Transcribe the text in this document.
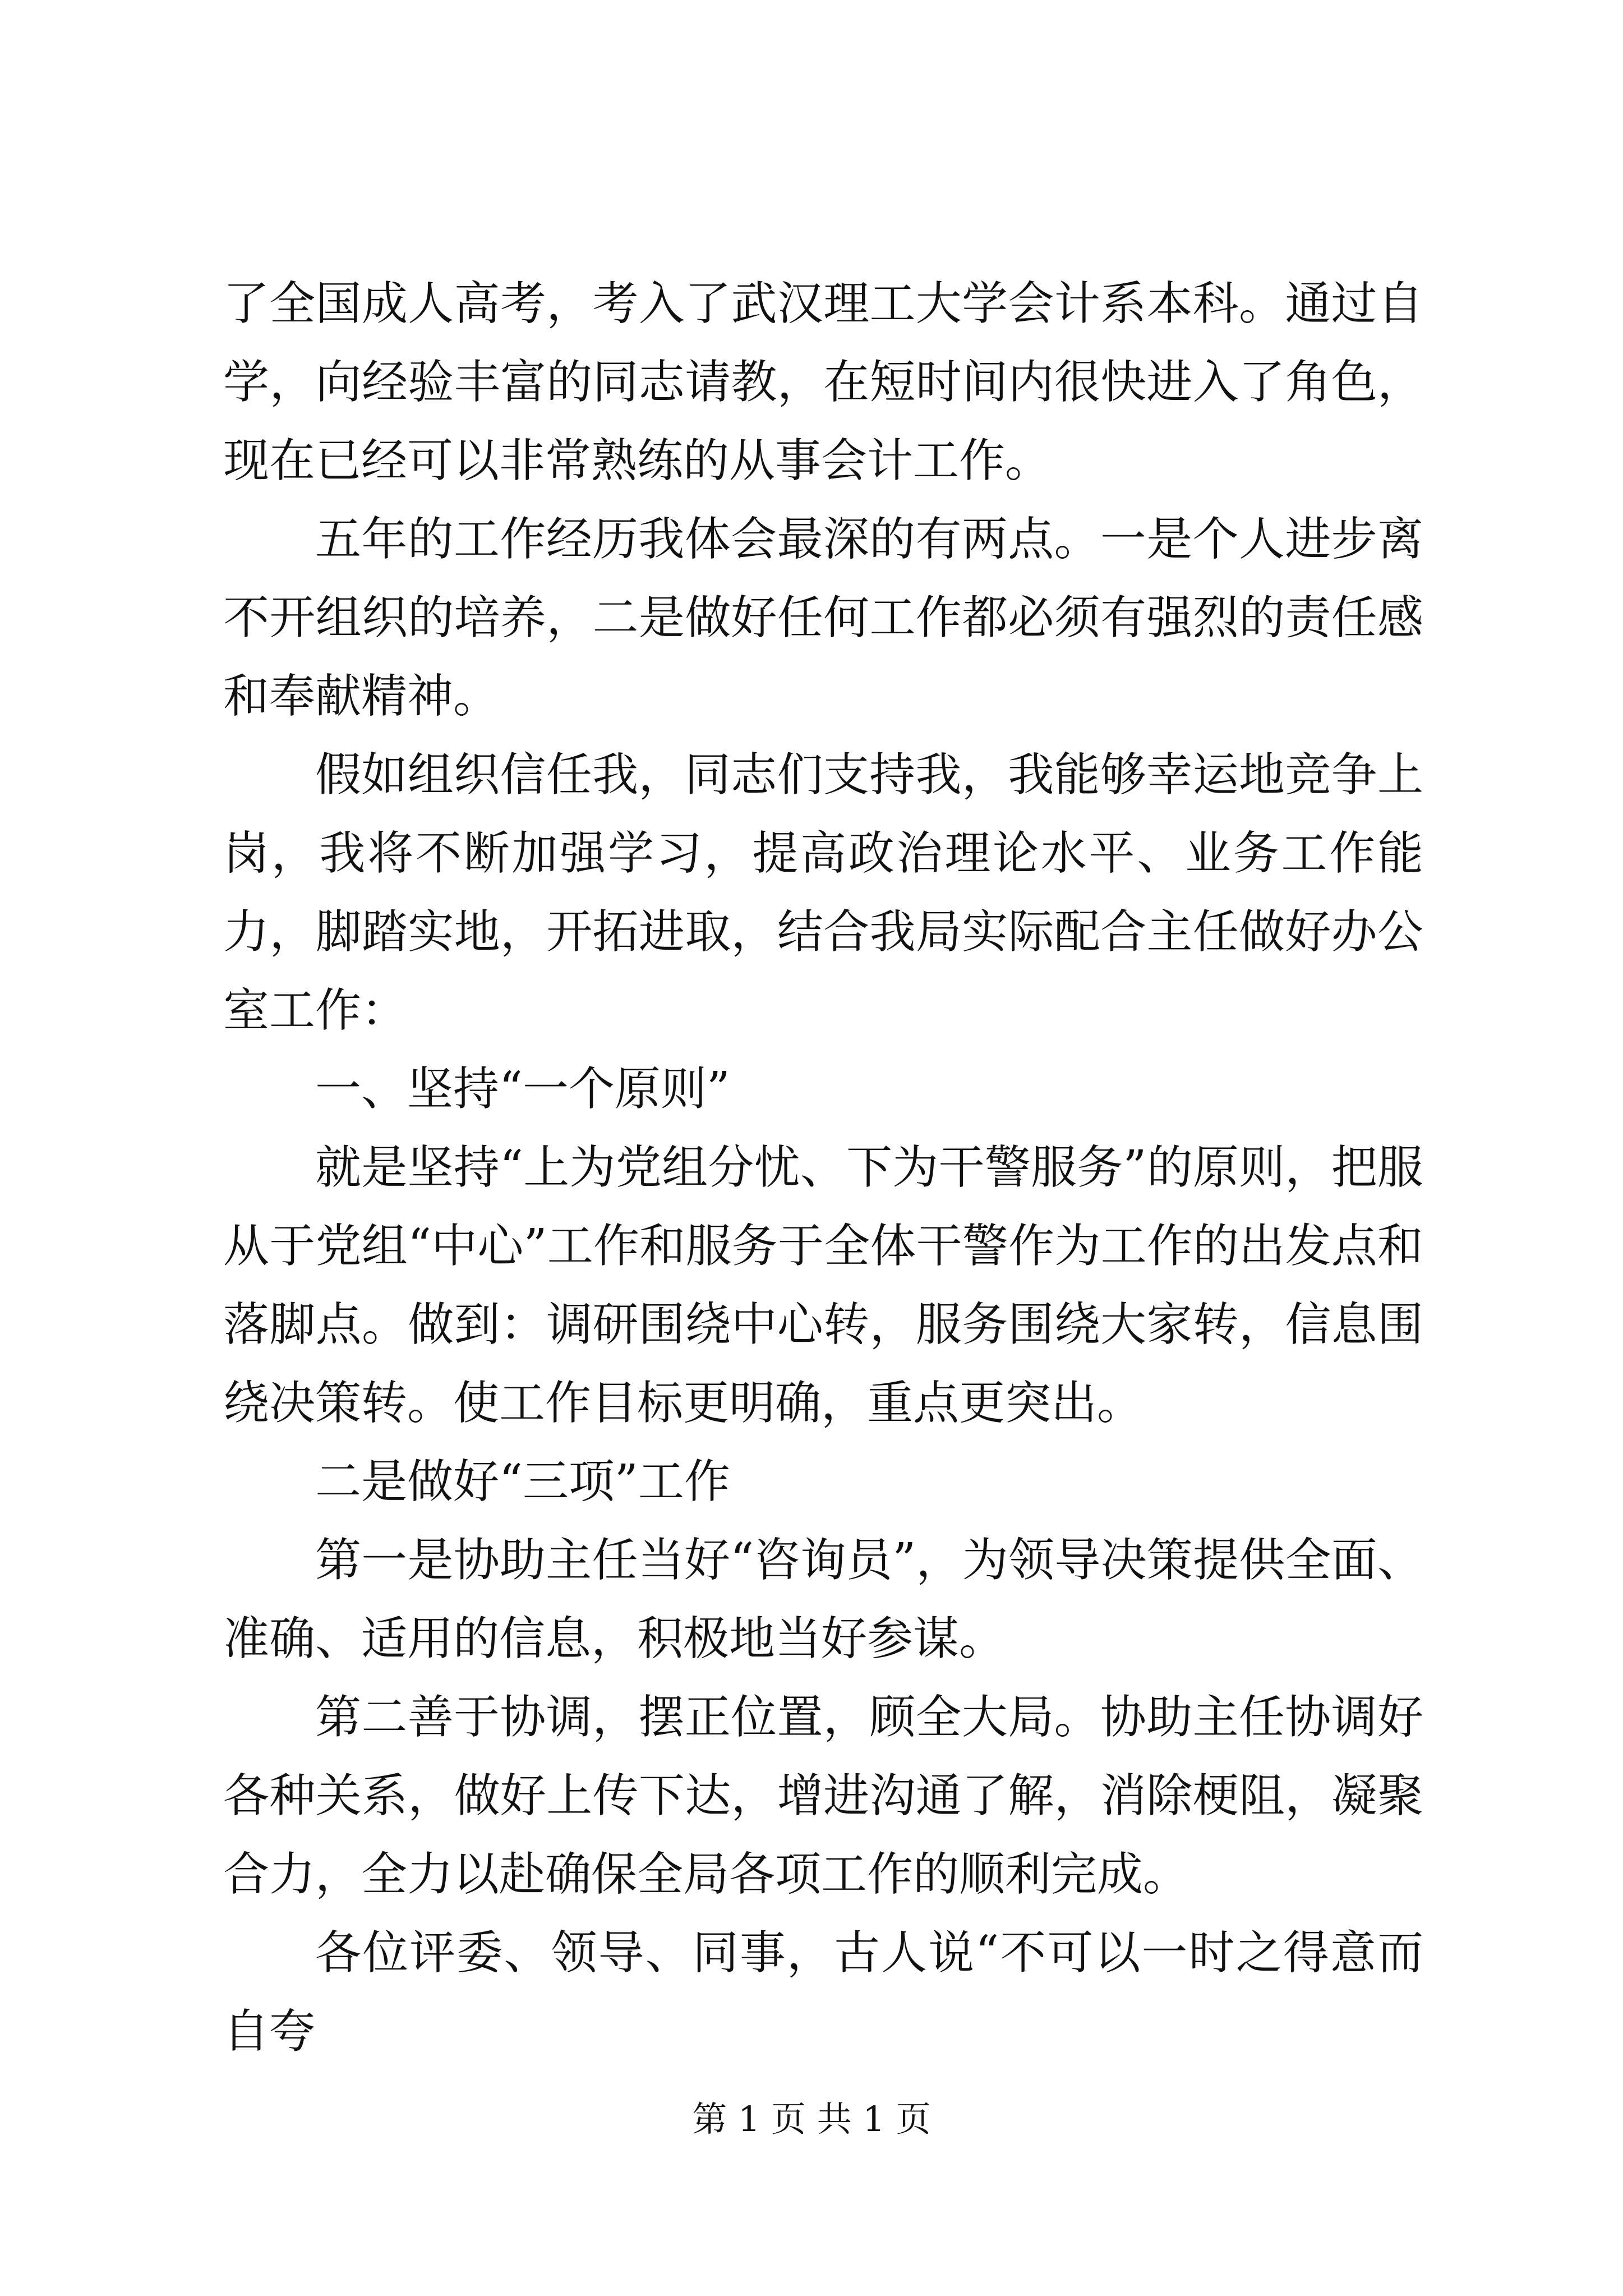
了全国成人高考，考入了武汉理工大学会计系本科。通过自学，向经验丰富的同志请教，在短时间内很快进入了角色，现在已经可以非常熟练的从事会计工作。

五年的工作经历我体会最深的有两点。一是个人进步离不开组织的培养，二是做好任何工作都必须有强烈的责任感和奉献精神。

假如组织信任我，同志们支持我，我能够幸运地竞争上岗，我将不断加强学习，提高政治理论水平、业务工作能力，脚踏实地，开拓进取，结合我局实际配合主任做好办公室工作：

一、坚持“一个原则”

就是坚持“上为党组分忧、下为干警服务”的原则，把服从于党组“中心”工作和服务于全体干警作为工作的出发点和落脚点。做到：调研围绕中心转，服务围绕大家转，信息围绕决策转。使工作目标更明确，重点更突出。

二是做好“三项”工作

第一是协助主任当好“咨询员”，为领导决策提供全面、准确、适用的信息，积极地当好参谋。

第二善于协调，摆正位置，顾全大局。协助主任协调好各种关系，做好上传下达，增进沟通了解，消除梗阻，凝聚合力，全力以赴确保全局各项工作的顺利完成。

各位评委、领导、同事，古人说“不可以一时之得意而自夸

第 1 页 共 1 页
